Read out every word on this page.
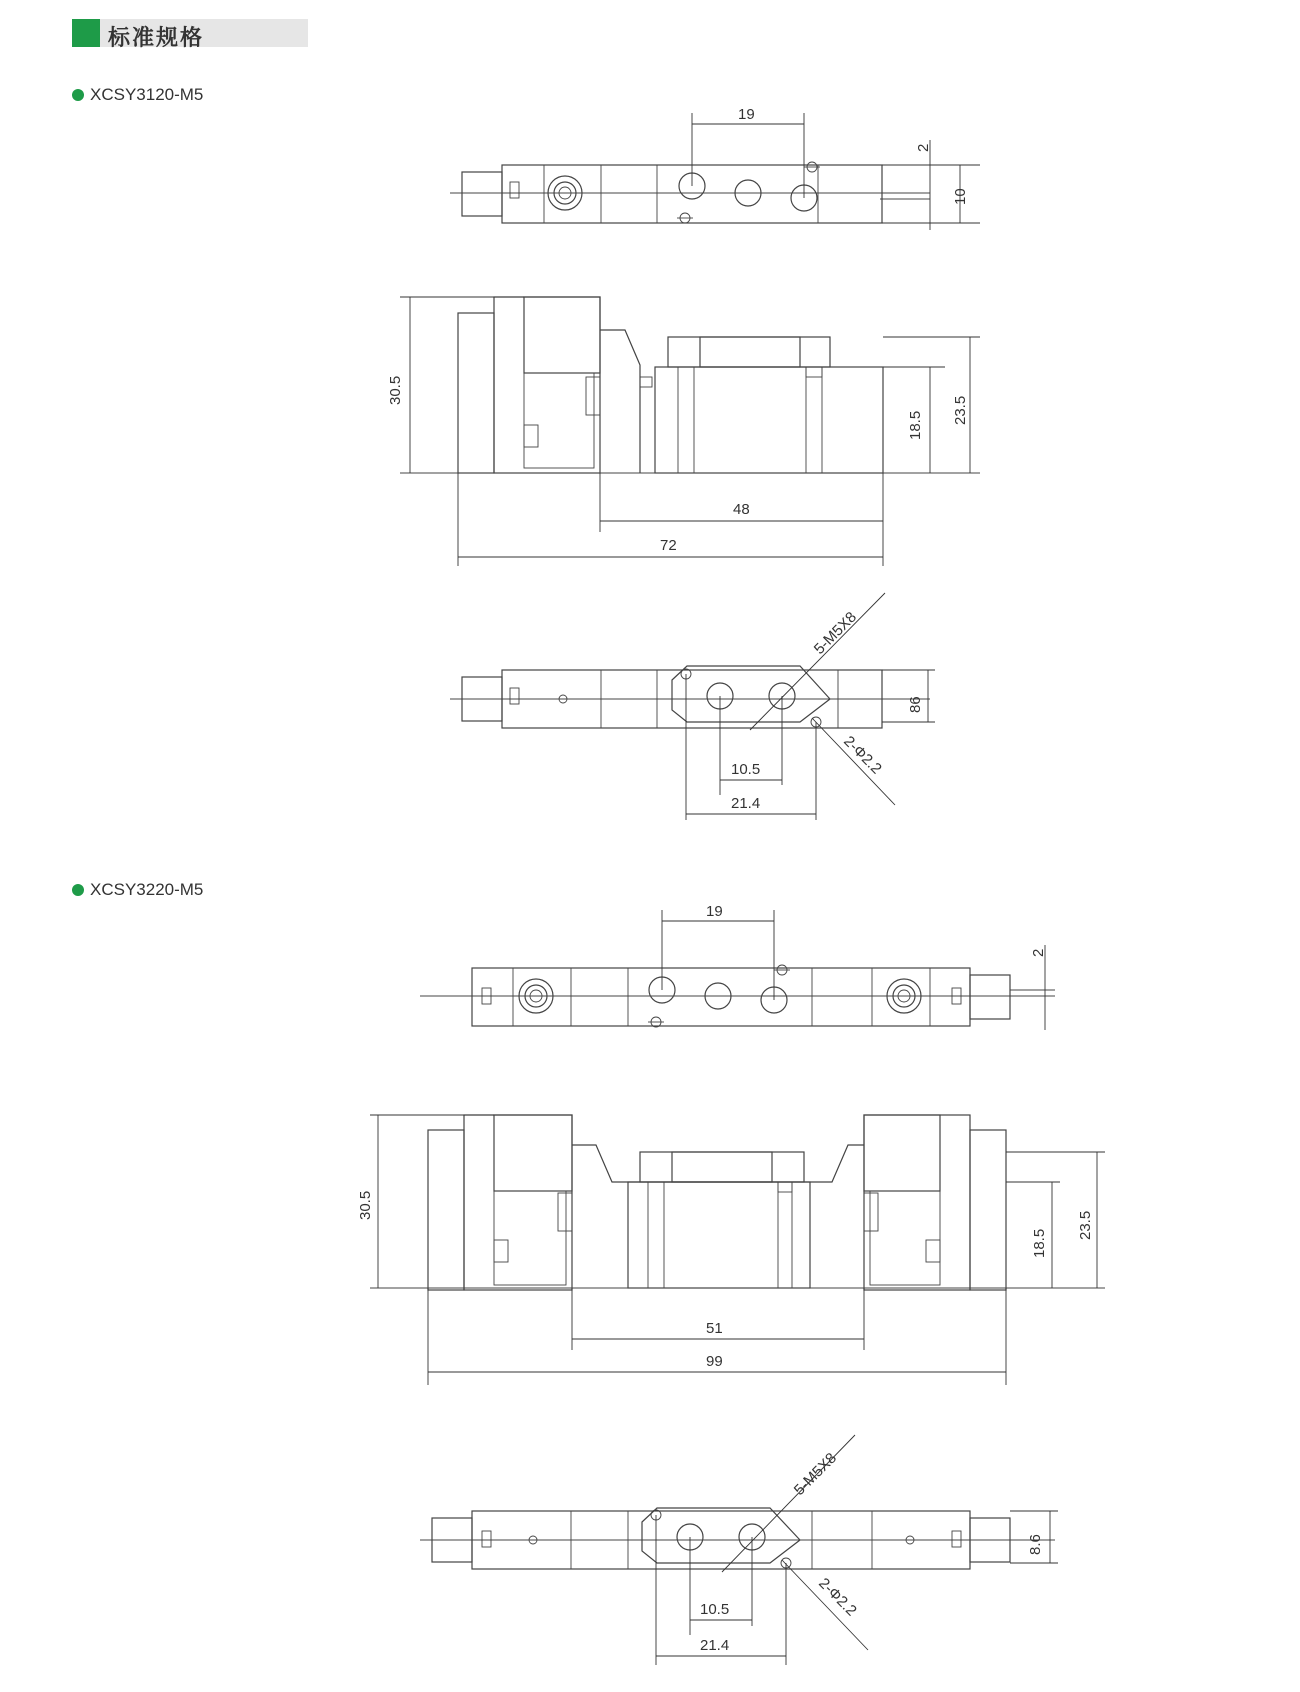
标准规格
XCSY3120-M5
XCSY3220-M5
19
2
10
30.5
18.5
23.5
48
72
5-M5X8
2-Φ2.2
86
10.5
21.4
19
2
30.5
18.5
23.5
51
99
5-M5X8
2-Φ2.2
8.6
10.5
21.4
